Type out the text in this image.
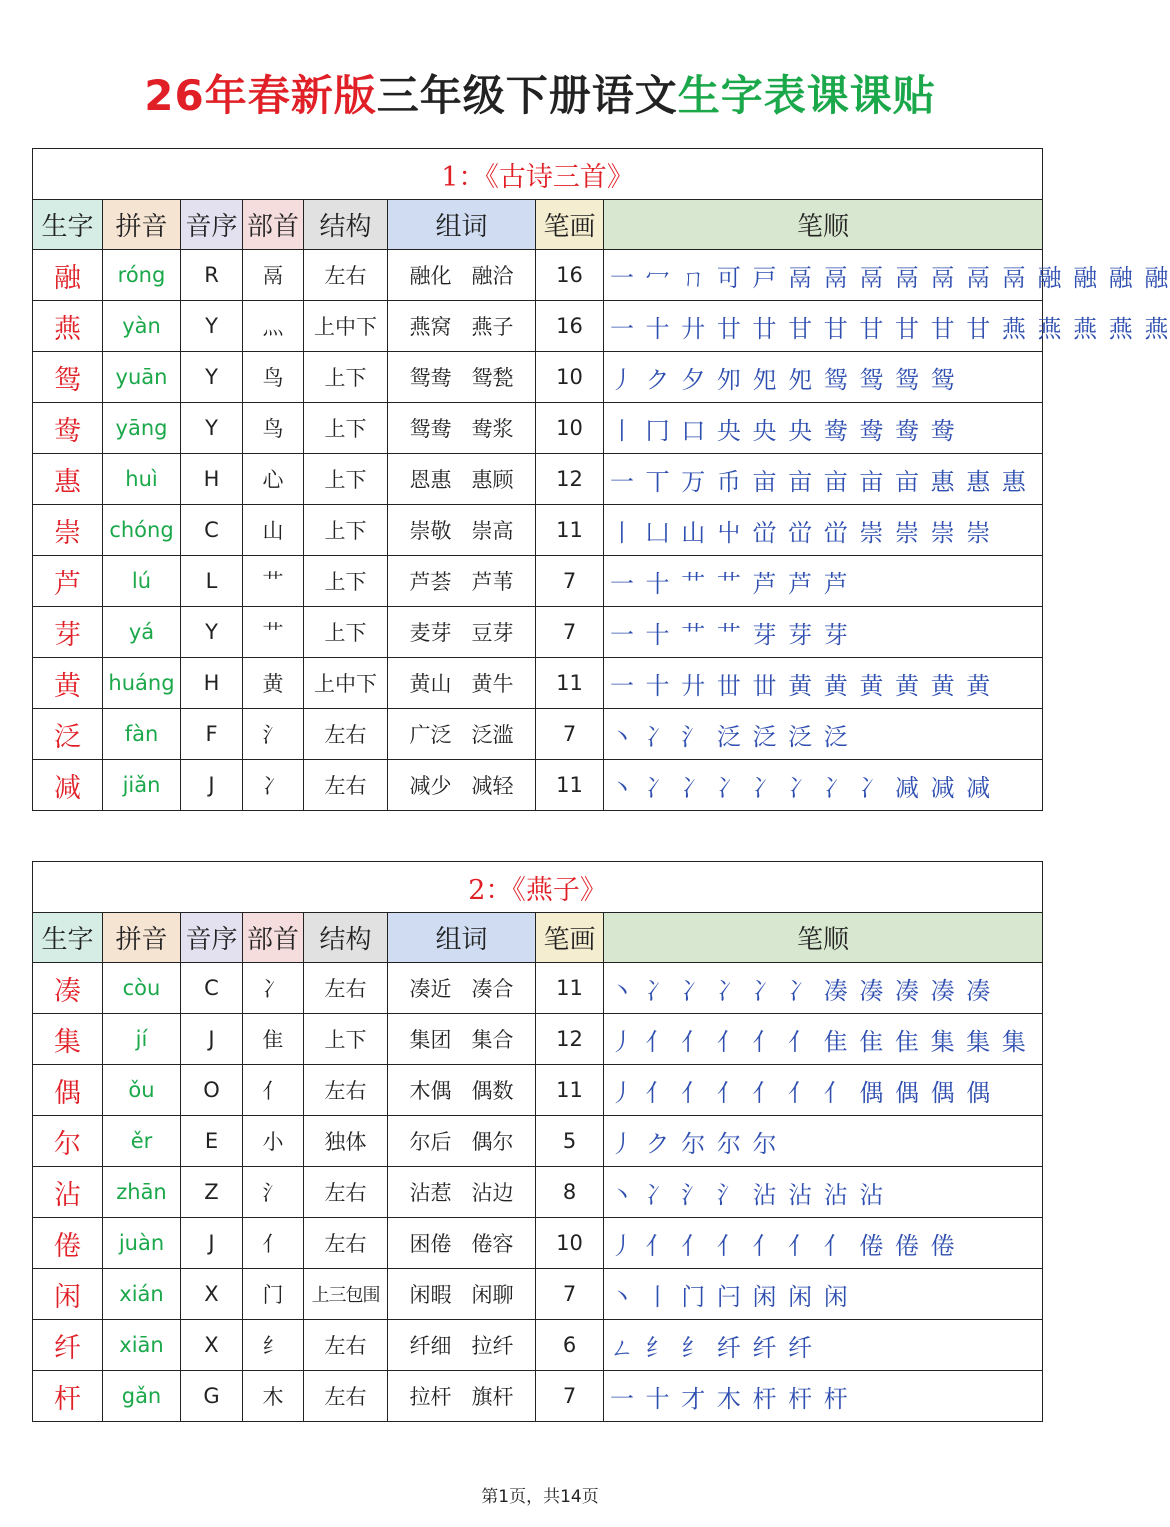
26年春新版三年级下册语文生字表课课贴
1：《古诗三首》							
生字	拼音	音序	部首	结构	组词	笔画	笔顺
融	róng	R	鬲	左右	融化 融洽	16	一 冖 ㄇ 可 戸 鬲 鬲 鬲 鬲 鬲 鬲 鬲 融 融 融 融
燕	yàn	Y	灬	上中下	燕窝 燕子	16	一 十 廾 廿 廿 甘 甘 甘 甘 甘 甘 燕 燕 燕 燕 燕
鸳	yuān	Y	鸟	上下	鸳鸯 鸳甃	10	丿 ク 夕 夘 夗 夗 鸳 鸳 鸳 鸳
鸯	yāng	Y	鸟	上下	鸳鸯 鸯浆	10	丨 冂 口 央 央 央 鸯 鸯 鸯 鸯
惠	huì	H	心	上下	恩惠 惠顾	12	一 丅 万 币 亩 亩 亩 亩 亩 惠 惠 惠
崇	chóng	C	山	上下	崇敬 崇高	11	丨 凵 山 屮 峃 峃 峃 崇 崇 崇 崇
芦	lú	L	艹	上下	芦荟 芦苇	7	一 十 艹 艹 芦 芦 芦
芽	yá	Y	艹	上下	麦芽 豆芽	7	一 十 艹 艹 芽 芽 芽
黄	huáng	H	黄	上中下	黄山 黄牛	11	一 十 廾 丗 丗 黄 黄 黄 黄 黄 黄
泛	fàn	F	氵	左右	广泛 泛滥	7	丶 冫 氵 泛 泛 泛 泛
减	jiǎn	J	冫	左右	减少 减轻	11	丶 冫 冫 冫 冫 冫 冫 冫 减 减 减
2：《燕子》							
生字	拼音	音序	部首	结构	组词	笔画	笔顺
凑	còu	C	冫	左右	凑近 凑合	11	丶 冫 冫 冫 冫 冫 凑 凑 凑 凑 凑
集	jí	J	隹	上下	集团 集合	12	丿 亻 亻 亻 亻 亻 隹 隹 隹 集 集 集
偶	ǒu	O	亻	左右	木偶 偶数	11	丿 亻 亻 亻 亻 亻 亻 偶 偶 偶 偶
尔	ěr	E	小	独体	尔后 偶尔	5	丿 ク 尔 尔 尔
沾	zhān	Z	氵	左右	沾惹 沾边	8	丶 冫 氵 氵 沾 沾 沾 沾
倦	juàn	J	亻	左右	困倦 倦容	10	丿 亻 亻 亻 亻 亻 亻 倦 倦 倦
闲	xián	X	门	上三包围	闲暇 闲聊	7	丶 丨 门 闩 闲 闲 闲
纤	xiān	X	纟	左右	纤细 拉纤	6	ㄥ 纟 纟 纤 纤 纤
杆	gǎn	G	木	左右	拉杆 旗杆	7	一 十 才 木 杆 杆 杆
第1页，共14页
